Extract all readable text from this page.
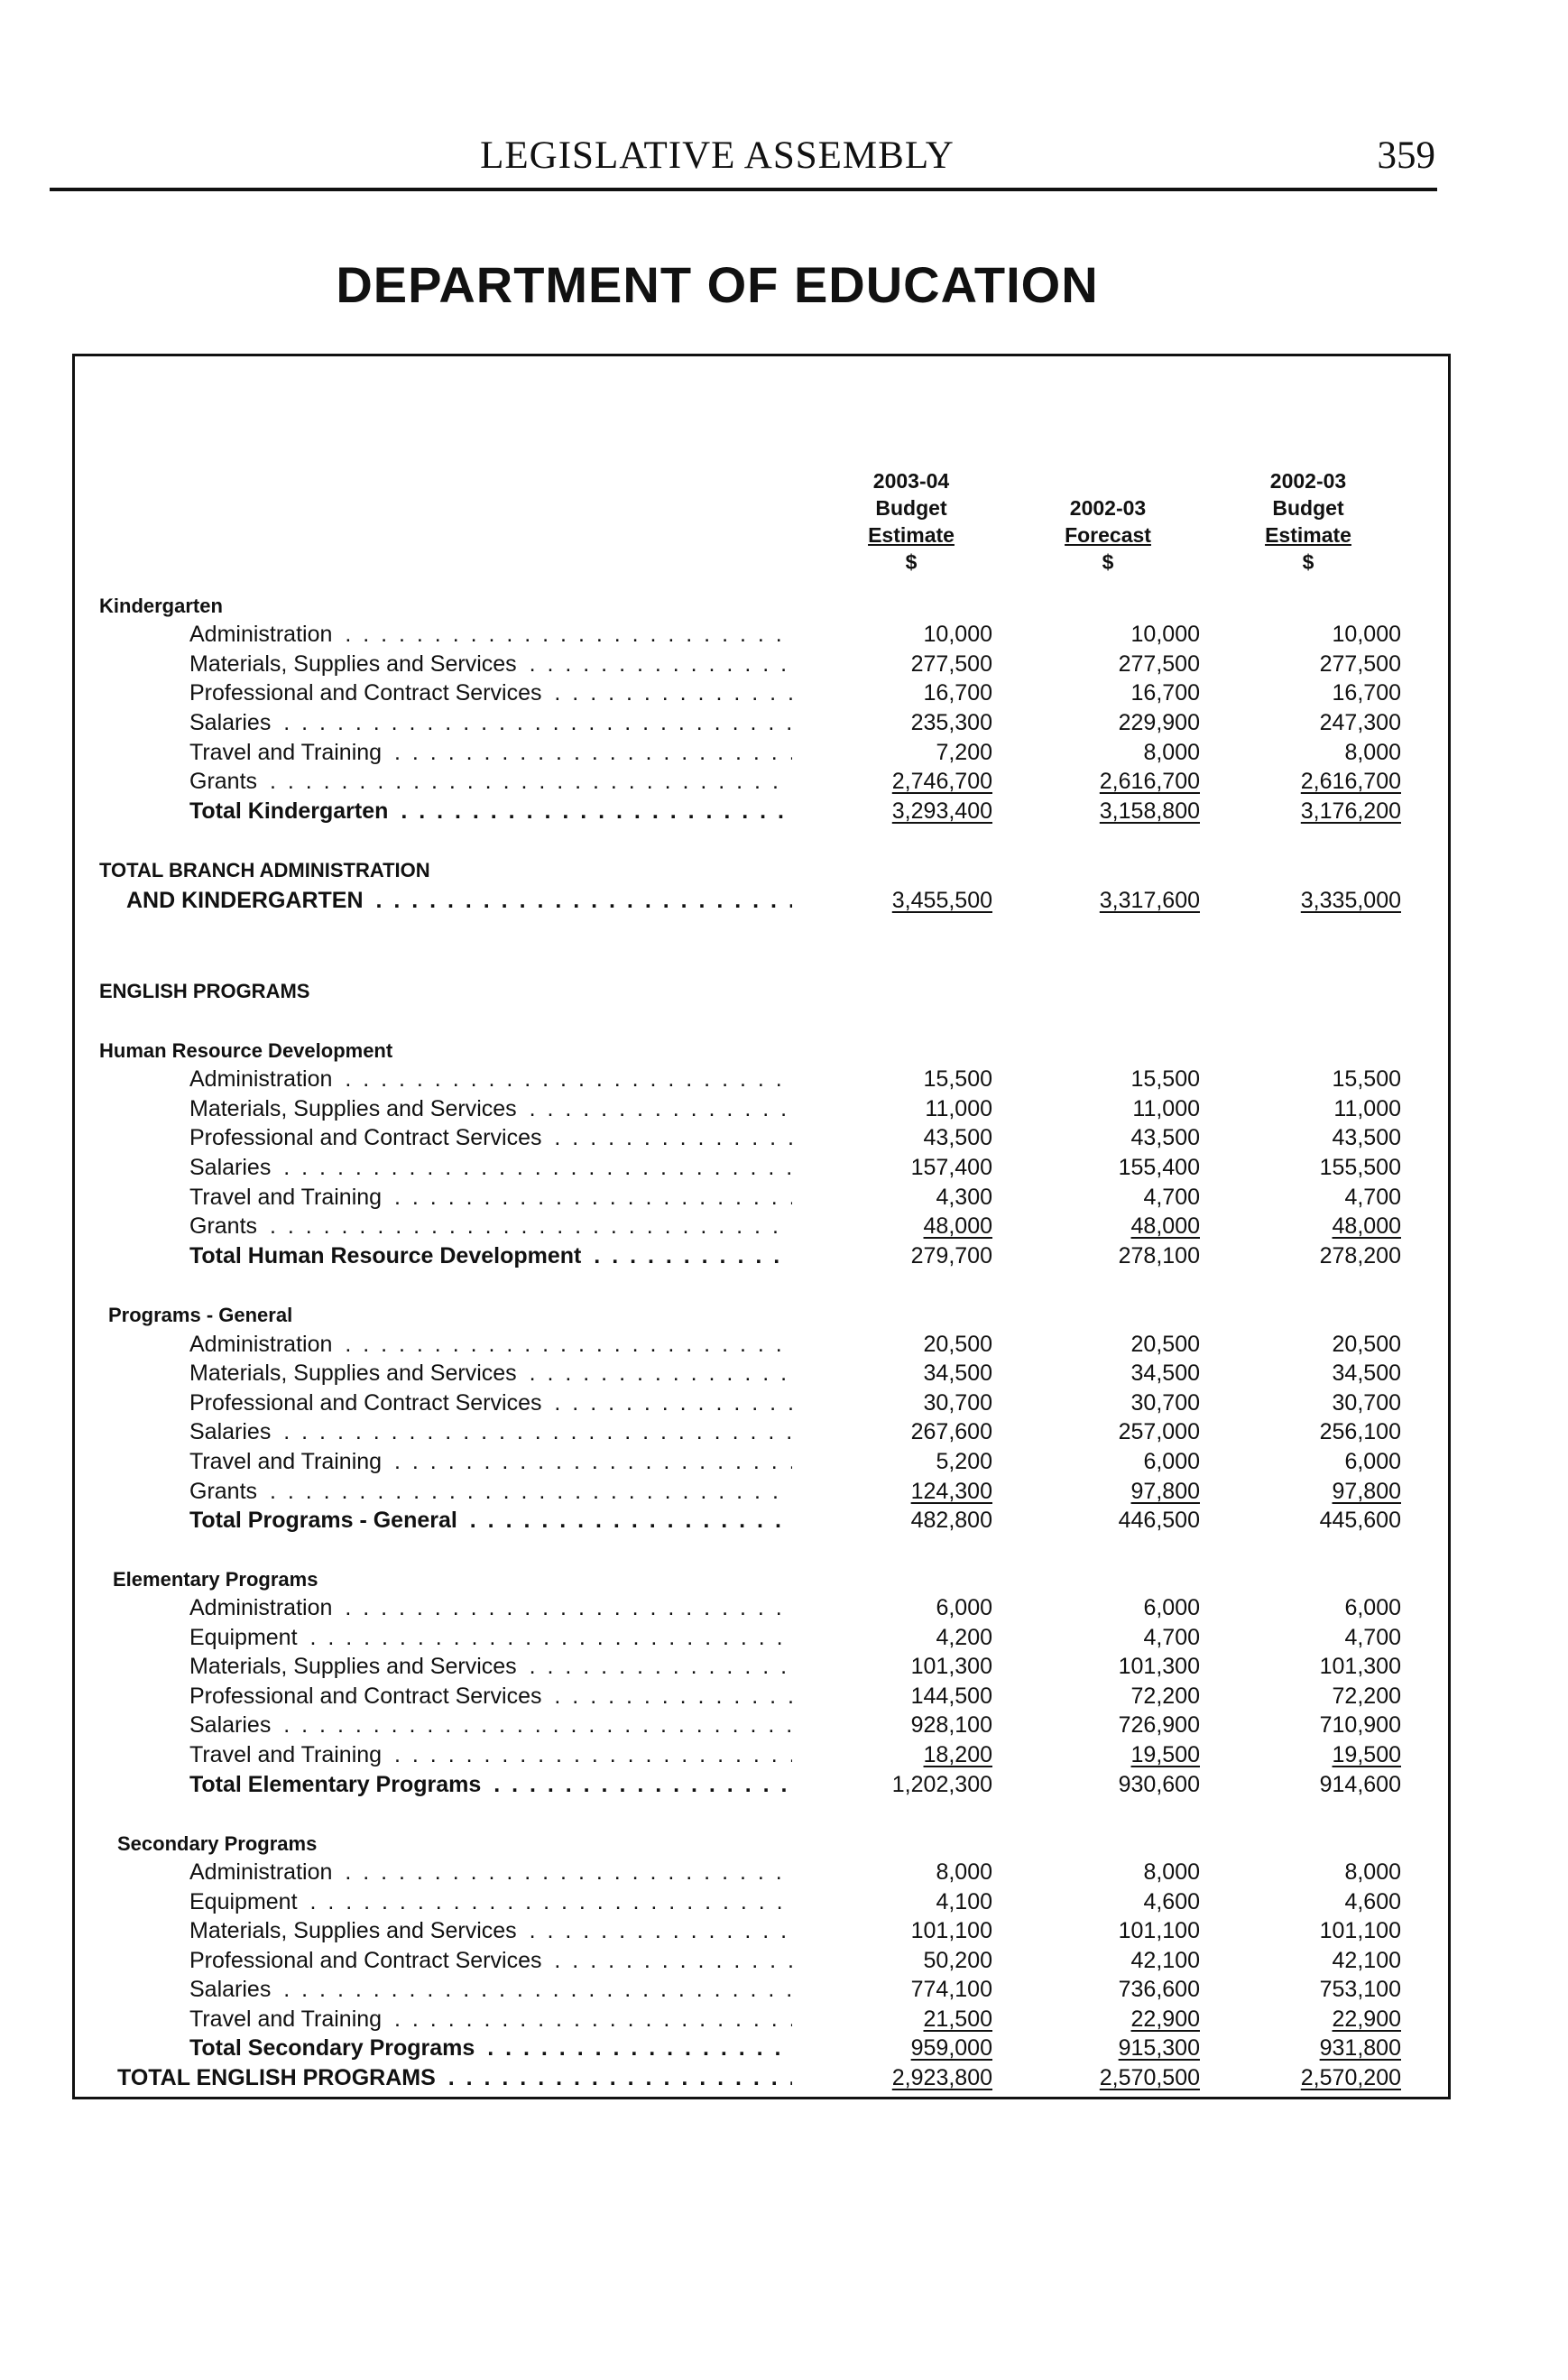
LEGISLATIVE ASSEMBLY	359
DEPARTMENT OF EDUCATION
2003-04
Budget
Estimate
$

2002-03
Forecast
$
2002-03
Budget
Estimate
$
Kindergarten
Administration . . .	10,000	10,000	10,000
Materials, Supplies and Services . . .	277,500	277,500	277,500
Professional and Contract Services . . .	16,700	16,700	16,700
Salaries . . .	235,300	229,900	247,300
Travel and Training . . .	7,200	8,000	8,000
Grants . . .	2,746,700	2,616,700	2,616,700
Total Kindergarten . . .	3,293,400	3,158,800	3,176,200
TOTAL BRANCH ADMINISTRATION
AND KINDERGARTEN . . .	3,455,500	3,317,600	3,335,000
ENGLISH PROGRAMS
Human Resource Development
Administration . . .	15,500	15,500	15,500
Materials, Supplies and Services . . .	11,000	11,000	11,000
Professional and Contract Services . . .	43,500	43,500	43,500
Salaries . . .	157,400	155,400	155,500
Travel and Training . . .	4,300	4,700	4,700
Grants . . .	48,000	48,000	48,000
Total Human Resource Development . . .	279,700	278,100	278,200
Programs - General
Administration . . .	20,500	20,500	20,500
Materials, Supplies and Services . . .	34,500	34,500	34,500
Professional and Contract Services . . .	30,700	30,700	30,700
Salaries . . .	267,600	257,000	256,100
Travel and Training . . .	5,200	6,000	6,000
Grants . . .	124,300	97,800	97,800
Total Programs - General . . .	482,800	446,500	445,600
Elementary Programs
Administration . . .	6,000	6,000	6,000
Equipment . . .	4,200	4,700	4,700
Materials, Supplies and Services . . .	101,300	101,300	101,300
Professional and Contract Services . . .	144,500	72,200	72,200
Salaries . . .	928,100	726,900	710,900
Travel and Training . . .	18,200	19,500	19,500
Total Elementary Programs . . .	1,202,300	930,600	914,600
Secondary Programs
Administration . . .	8,000	8,000	8,000
Equipment . . .	4,100	4,600	4,600
Materials, Supplies and Services . . .	101,100	101,100	101,100
Professional and Contract Services . . .	50,200	42,100	42,100
Salaries . . .	774,100	736,600	753,100
Travel and Training . . .	21,500	22,900	22,900
Total Secondary Programs . . .	959,000	915,300	931,800
TOTAL ENGLISH PROGRAMS . . .	2,923,800	2,570,500	2,570,200
